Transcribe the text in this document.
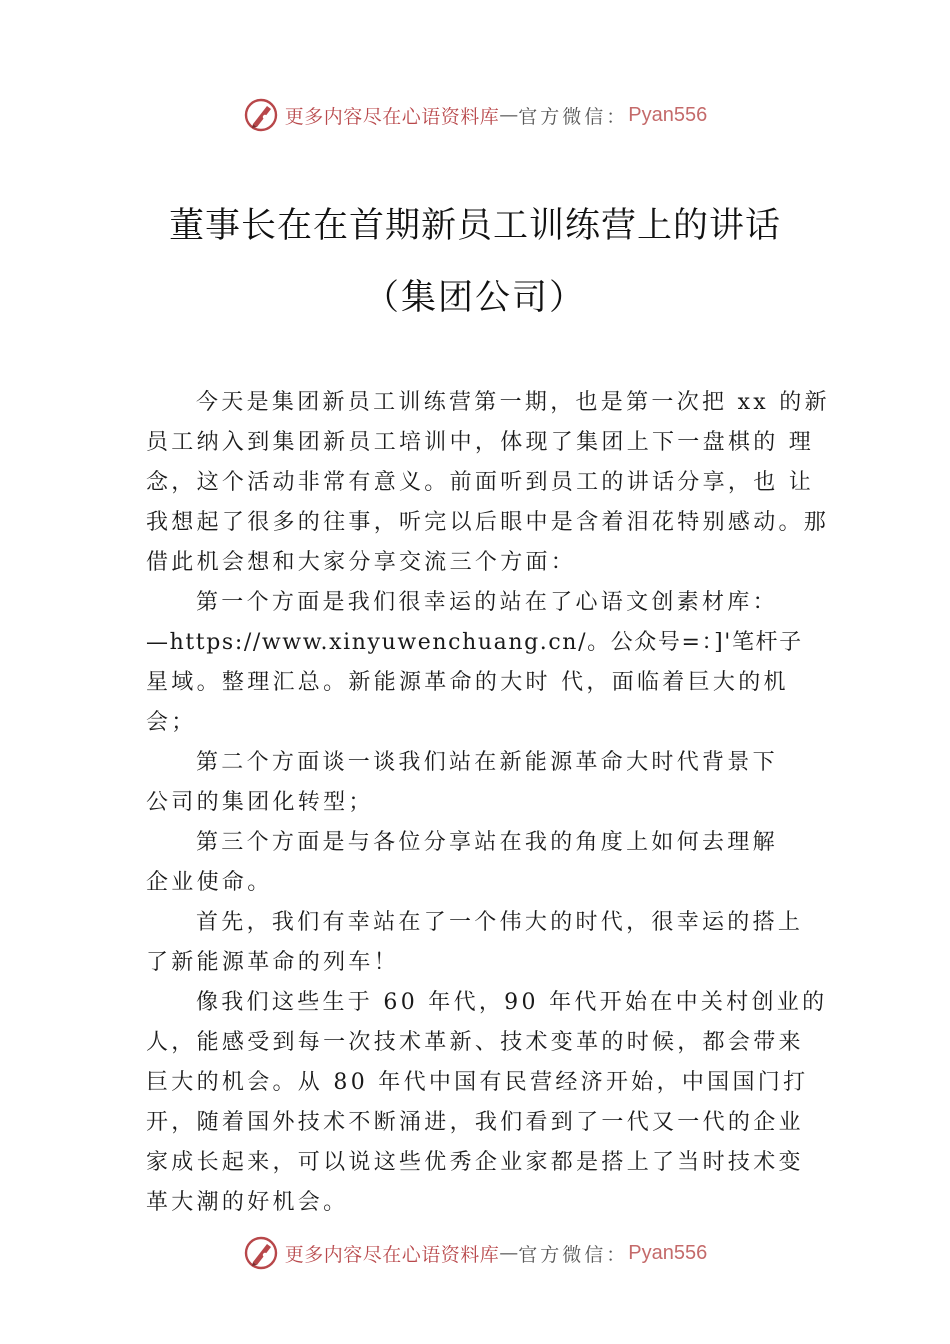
更多内容尽在心语资料库 — 官方微信： Pyan556
董事长在在首期新员工训练营上的讲话
（集团公司）
今天是集团新员工训练营第一期，也是第一次把 xx 的新
员工纳入到集团新员工培训中，体现了集团上下一盘棋的 理
念，这个活动非常有意义。前面听到员工的讲话分享，也 让
我想起了很多的往事，听完以后眼中是含着泪花特别感动。那
借此机会想和大家分享交流三个方面：
第一个方面是我们很幸运的站在了心语文创素材库：
—https://www.xinyuwenchuang.cn/。公众号=：]'笔杆子
星域。整理汇总。新能源革命的大时 代，面临着巨大的机
会；
第二个方面谈一谈我们站在新能源革命大时代背景下
公司的集团化转型；
第三个方面是与各位分享站在我的角度上如何去理解
企业使命。
首先，我们有幸站在了一个伟大的时代，很幸运的搭上
了新能源革命的列车！
像我们这些生于 60 年代，90 年代开始在中关村创业的
人，能感受到每一次技术革新、技术变革的时候，都会带来
巨大的机会。从 80 年代中国有民营经济开始，中国国门打
开，随着国外技术不断涌进，我们看到了一代又一代的企业
家成长起来，可以说这些优秀企业家都是搭上了当时技术变
革大潮的好机会。
更多内容尽在心语资料库 — 官方微信： Pyan556
